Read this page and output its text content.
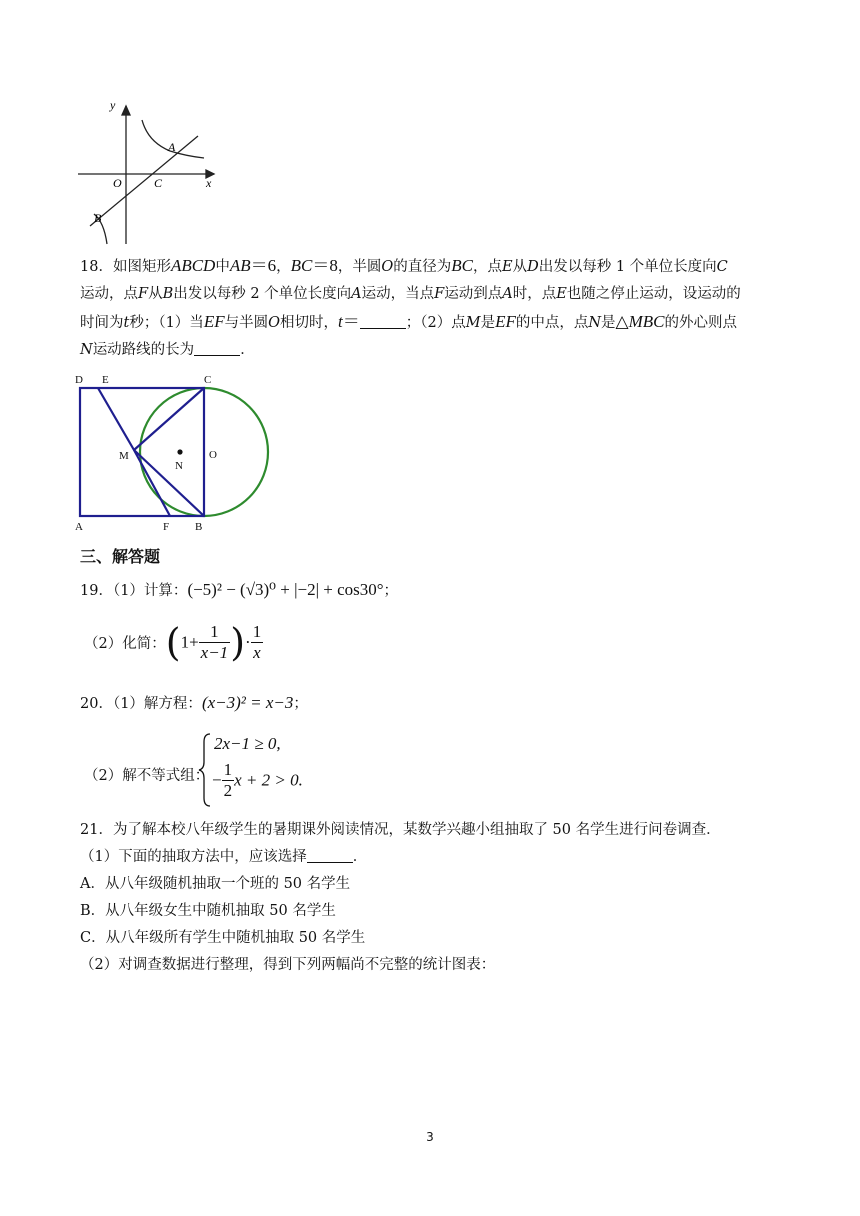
y
A
O	C	x
B
18．如图矩形ABCD中AB＝6，BC＝8，半圆O的直径为BC，点E从D出发以每秒 1 个单位长度向C
运动，点F从B出发以每秒 2 个单位长度向A运动，当点F运动到点A时，点E也随之停止运动，设运动的
时间为t秒；（1）当EF与半圆O相切时，t＝	；（2）点M是EF的中点，点N是△MBC的外心则点
N运动路线的长为	．
D E	C
M
N
O
A	F B
三、解答题
19．（1）计算：(−5)² − (√3)⁰ + |−2| + cos30°；
（2）化简：($1+ \frac{1}{x-1}$ )· $\frac{1}{x}$
20．（1）解方程：(x−3)² = x−3；
（2）解不等式组：
2x−1 ≥ 0,
− $\frac{1}{2}$ x + 2 > 0.
21．为了解本校八年级学生的暑期课外阅读情况，某数学兴趣小组抽取了 50 名学生进行问卷调查．
（1）下面的抽取方法中，应该选择	．
A．从八年级随机抽取一个班的 50 名学生
B．从八年级女生中随机抽取 50 名学生
C．从八年级所有学生中随机抽取 50 名学生
（2）对调查数据进行整理，得到下列两幅尚不完整的统计图表：
3
